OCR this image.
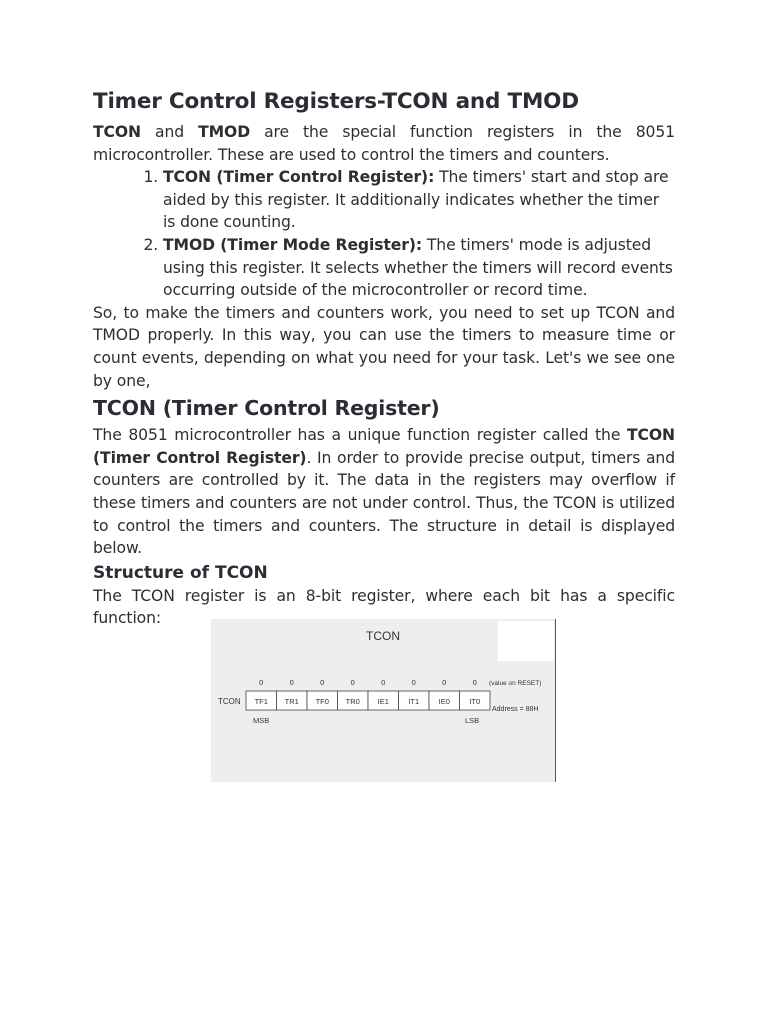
Timer Control Registers-TCON and TMOD

TCON and TMOD are the special function registers in the 8051 microcontroller. These are used to control the timers and counters.

1. TCON (Timer Control Register): The timers' start and stop are aided by this register. It additionally indicates whether the timer is done counting.
2. TMOD (Timer Mode Register): The timers' mode is adjusted using this register. It selects whether the timers will record events occurring outside of the microcontroller or record time.

So, to make the timers and counters work, you need to set up TCON and TMOD properly. In this way, you can use the timers to measure time or count events, depending on what you need for your task. Let's we see one by one,

TCON (Timer Control Register)

The 8051 microcontroller has a unique function register called the TCON (Timer Control Register). In order to provide precise output, timers and counters are controlled by it. The data in the registers may overflow if these timers and counters are not under control. Thus, the TCON is utilized to control the timers and counters. The structure in detail is displayed below.

Structure of TCON

The TCON register is an 8-bit register, where each bit has a specific function:

TCON
0	0	0	0	0	0	0	0 (value on RESET)
TCON TF1 TR1 TF0 TR0 IE1	IT1	IE0	IT0
Address = 88H
MSB	LSB
